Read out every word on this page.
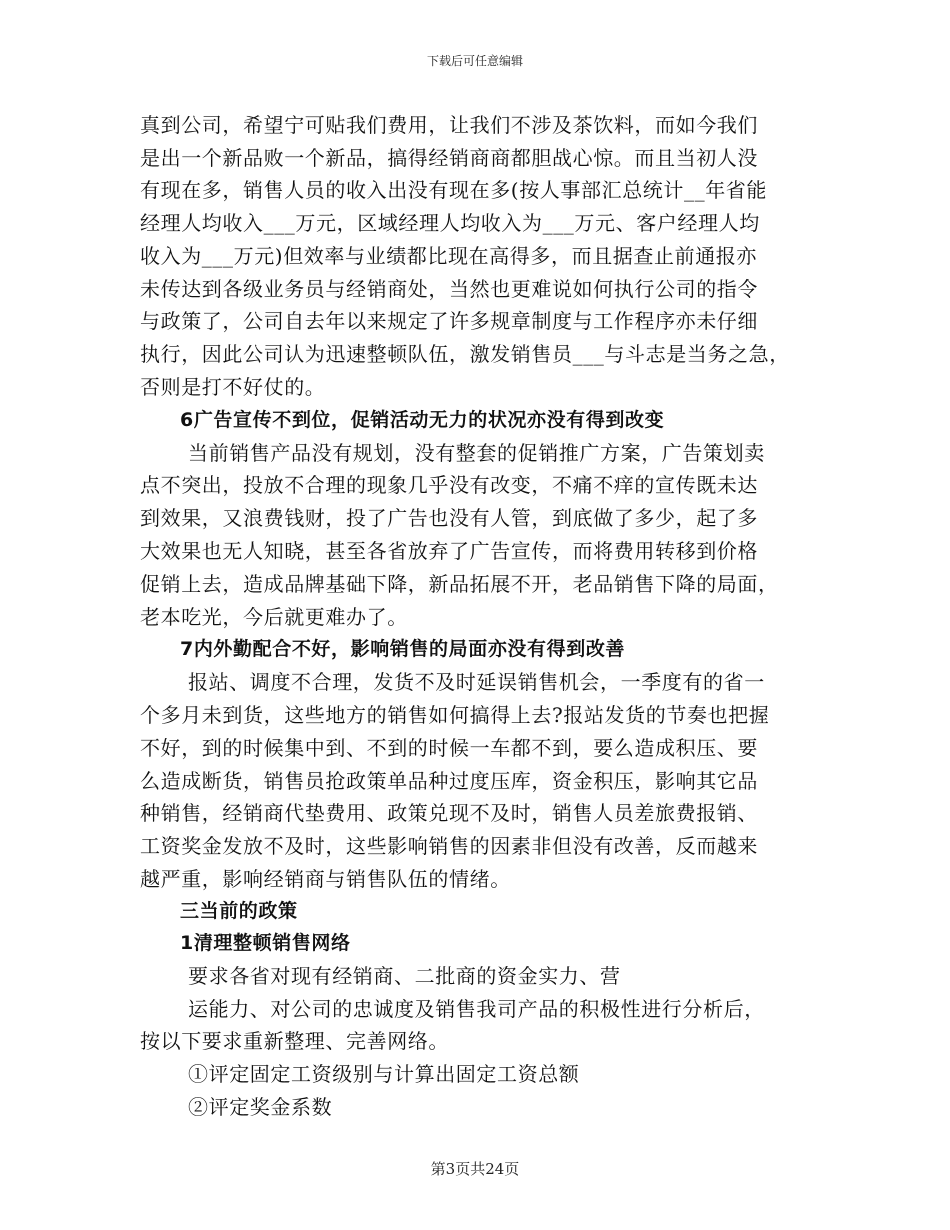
下载后可任意编辑
真到公司，希望宁可贴我们费用，让我们不涉及茶饮料，而如今我们
是出一个新品败一个新品，搞得经销商商都胆战心惊。而且当初人没
有现在多，销售人员的收入出没有现在多(按人事部汇总统计__年省能
经理人均收入___万元，区域经理人均收入为___万元、客户经理人均
收入为___万元)但效率与业绩都比现在高得多，而且据查止前通报亦
未传达到各级业务员与经销商处，当然也更难说如何执行公司的指令
与政策了，公司自去年以来规定了许多规章制度与工作程序亦未仔细
执行，因此公司认为迅速整顿队伍，激发销售员___与斗志是当务之急，
否则是打不好仗的。
6广告宣传不到位，促销活动无力的状况亦没有得到改变
当前销售产品没有规划，没有整套的促销推广方案，广告策划卖
点不突出，投放不合理的现象几乎没有改变，不痛不痒的宣传既未达
到效果，又浪费钱财，投了广告也没有人管，到底做了多少，起了多
大效果也无人知晓，甚至各省放弃了广告宣传，而将费用转移到价格
促销上去，造成品牌基础下降，新品拓展不开，老品销售下降的局面，
老本吃光，今后就更难办了。
7内外勤配合不好，影响销售的局面亦没有得到改善
报站、调度不合理，发货不及时延误销售机会，一季度有的省一
个多月未到货，这些地方的销售如何搞得上去?报站发货的节奏也把握
不好，到的时候集中到、不到的时候一车都不到，要么造成积压、要
么造成断货，销售员抢政策单品种过度压库，资金积压，影响其它品
种销售，经销商代垫费用、政策兑现不及时，销售人员差旅费报销、
工资奖金发放不及时，这些影响销售的因素非但没有改善，反而越来
越严重，影响经销商与销售队伍的情绪。
三当前的政策
1清理整顿销售网络
要求各省对现有经销商、二批商的资金实力、营
运能力、对公司的忠诚度及销售我司产品的积极性进行分析后，
按以下要求重新整理、完善网络。
①评定固定工资级别与计算出固定工资总额
②评定奖金系数
第3页共24页
